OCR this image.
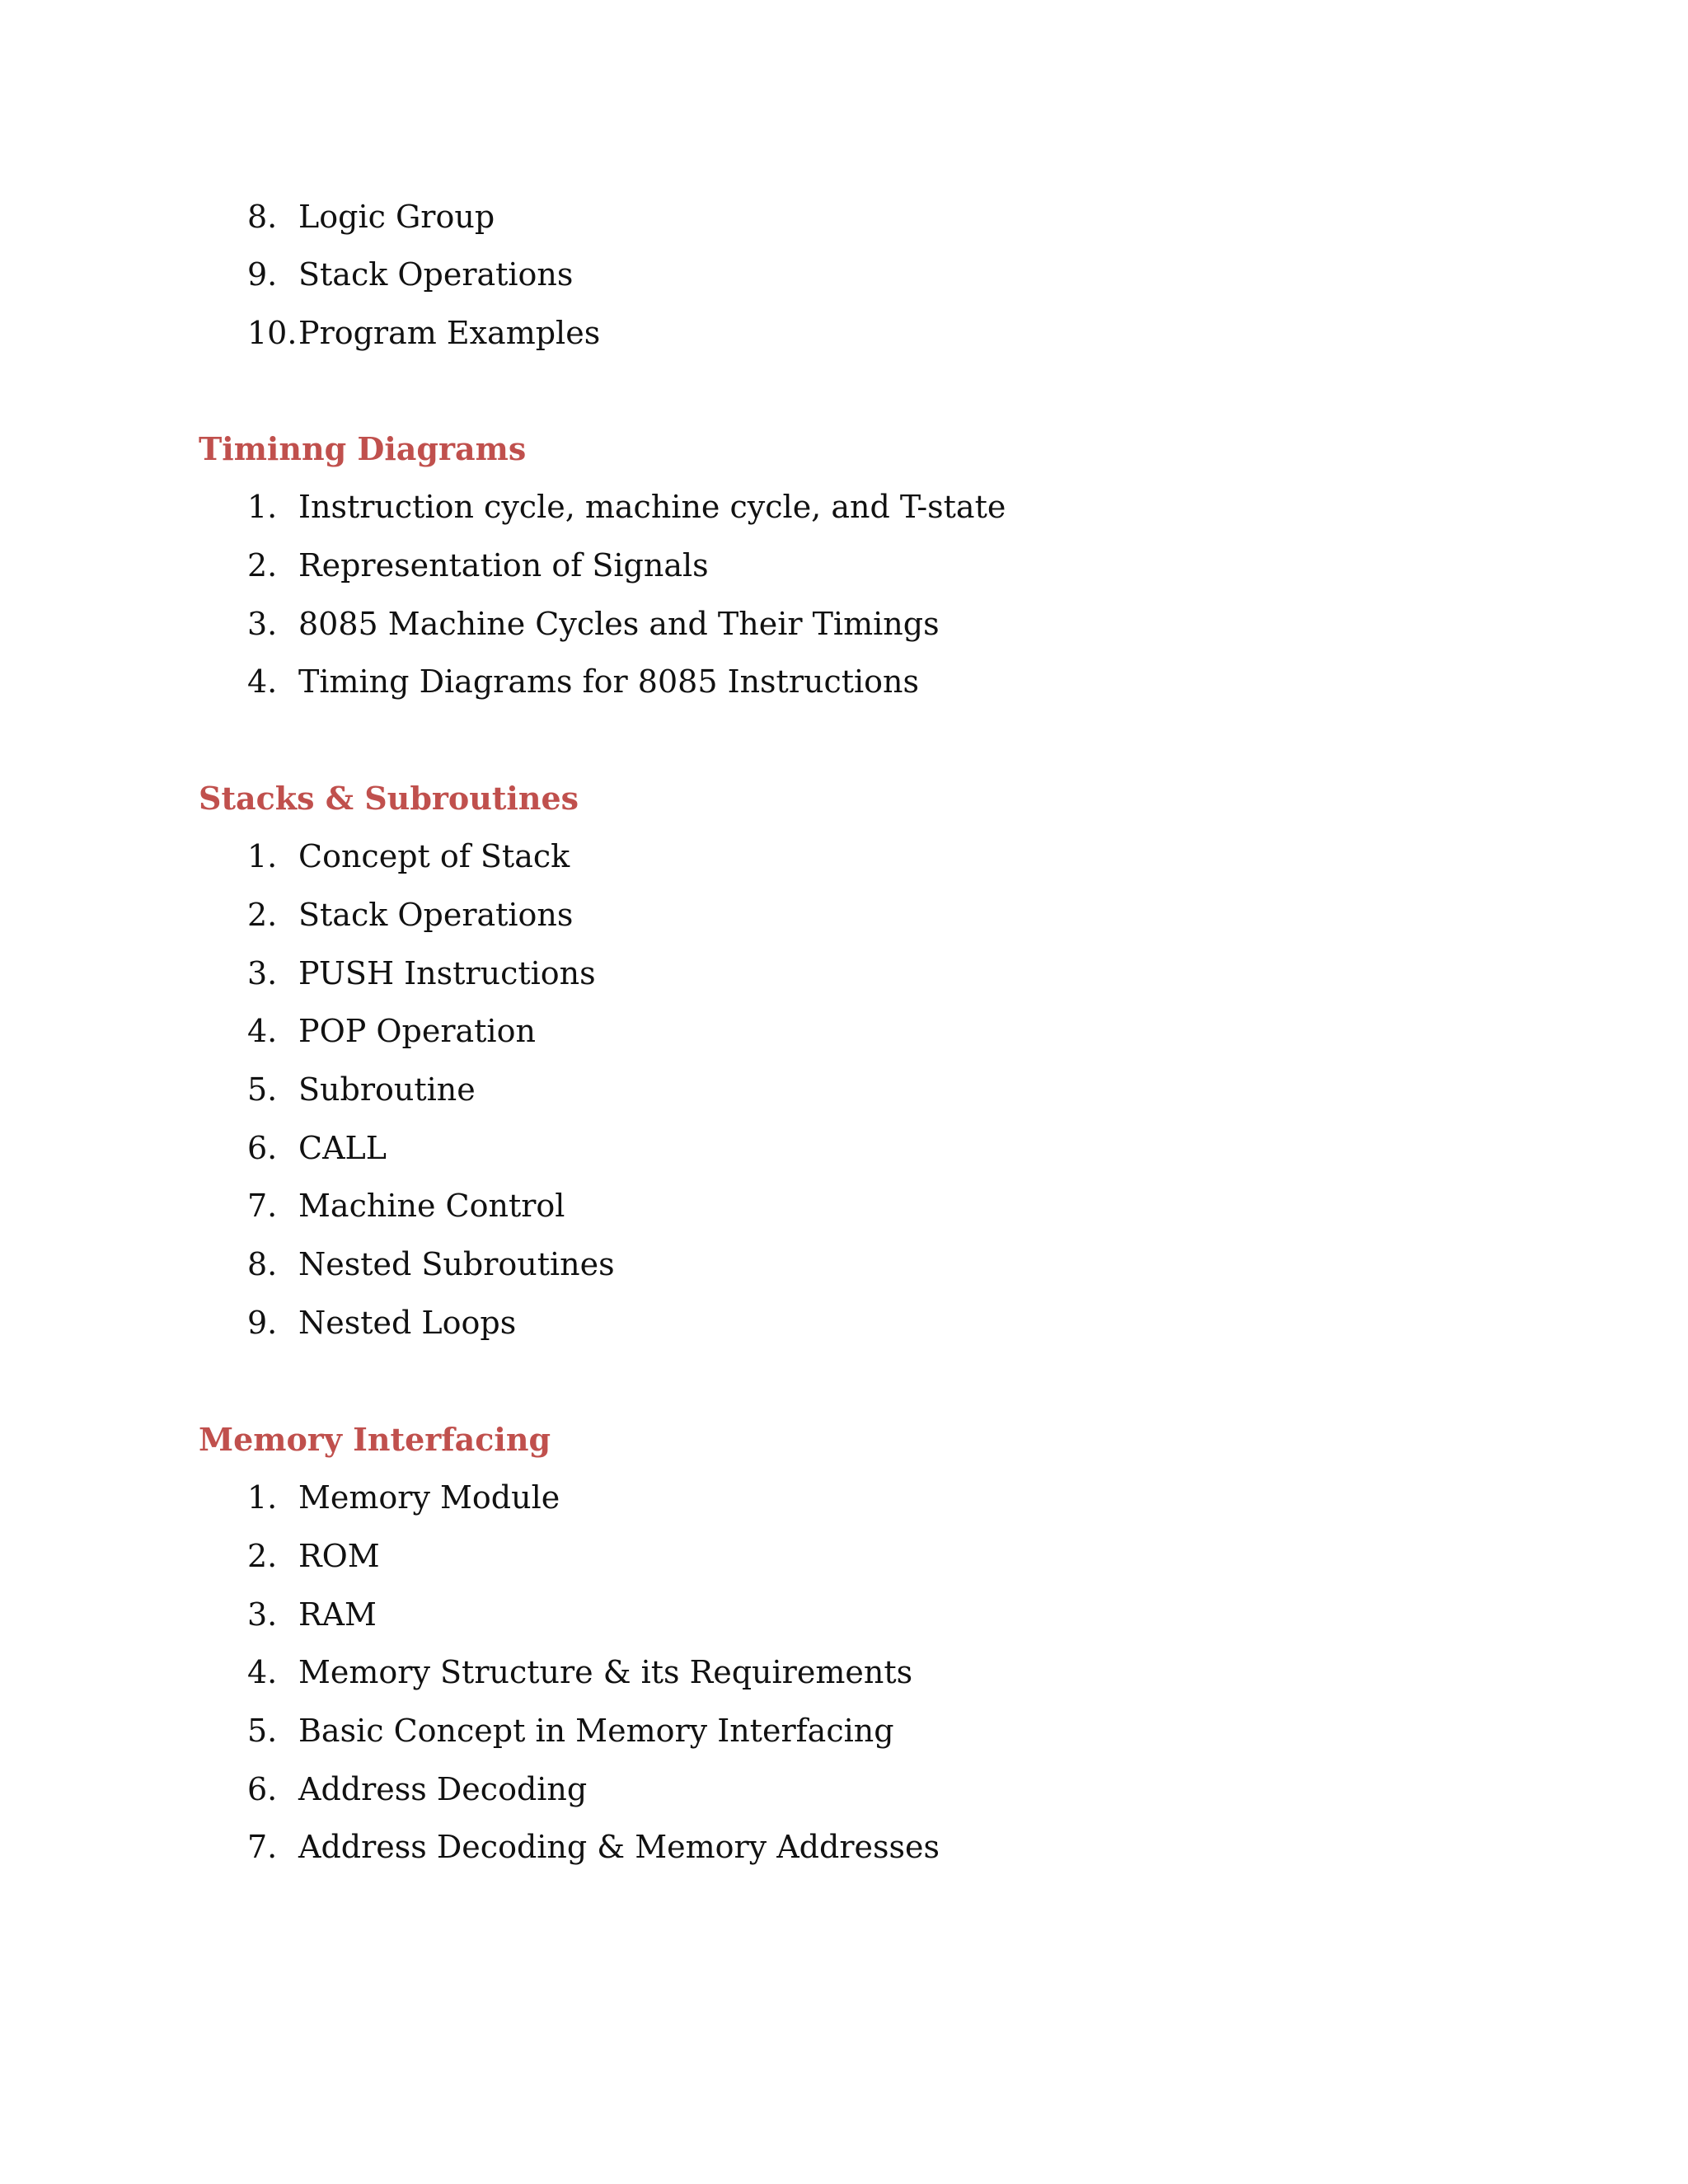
8. Logic Group
9. Stack Operations
10. Program Examples
Timinng Diagrams
1. Instruction cycle, machine cycle, and T-state
2. Representation of Signals
3. 8085 Machine Cycles and Their Timings
4. Timing Diagrams for 8085 Instructions
Stacks & Subroutines
1. Concept of Stack
2. Stack Operations
3. PUSH Instructions
4. POP Operation
5. Subroutine
6. CALL
7. Machine Control
8. Nested Subroutines
9. Nested Loops
Memory Interfacing
1. Memory Module
2. ROM
3. RAM
4. Memory Structure & its Requirements
5. Basic Concept in Memory Interfacing
6. Address Decoding
7. Address Decoding & Memory Addresses
